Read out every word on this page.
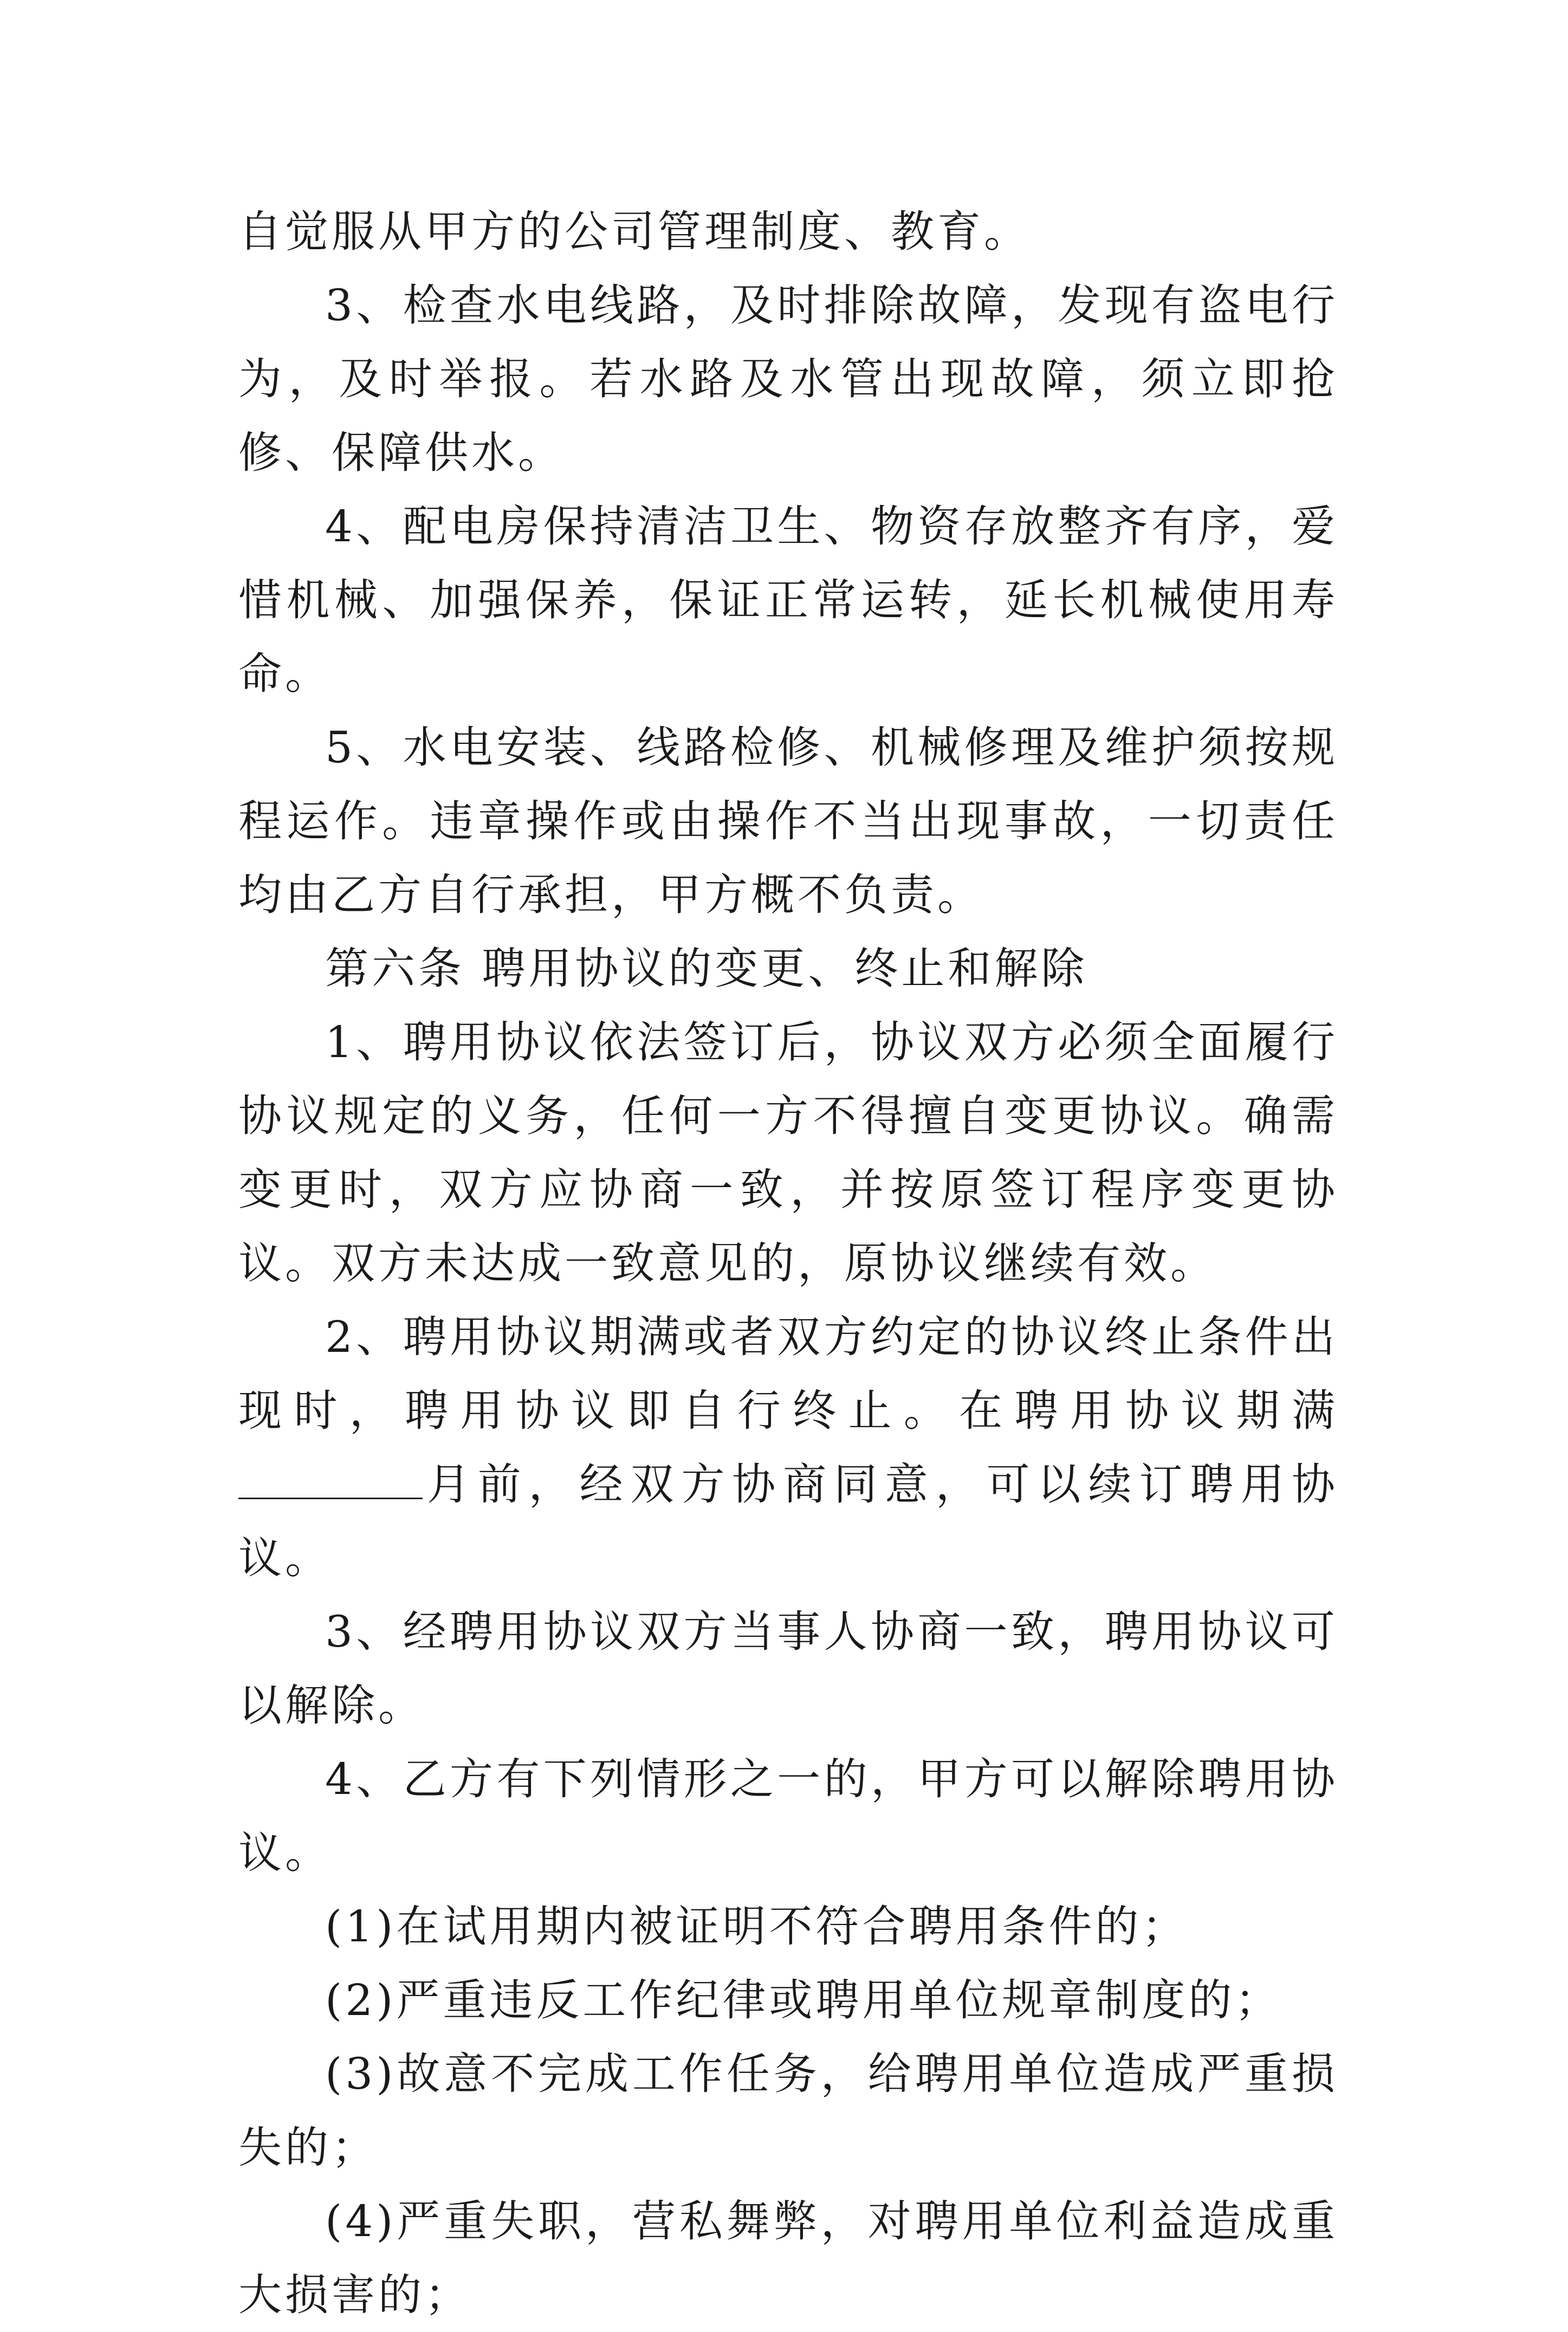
自觉服从甲方的公司管理制度、教育。

3、检查水电线路，及时排除故障，发现有盗电行为，及时举报。若水路及水管出现故障，须立即抢修、保障供水。

4、配电房保持清洁卫生、物资存放整齐有序，爱惜机械、加强保养，保证正常运转，延长机械使用寿命。

5、水电安装、线路检修、机械修理及维护须按规程运作。违章操作或由操作不当出现事故，一切责任均由乙方自行承担，甲方概不负责。

第六条 聘用协议的变更、终止和解除

1、聘用协议依法签订后，协议双方必须全面履行协议规定的义务，任何一方不得擅自变更协议。确需变更时，双方应协商一致，并按原签订程序变更协议。双方未达成一致意见的，原协议继续有效。

2、聘用协议期满或者双方约定的协议终止条件出现时，聘用协议即自行终止。在聘用协议期满月前，经双方协商同意，可以续订聘用协议。

3、经聘用协议双方当事人协商一致，聘用协议可以解除。

4、乙方有下列情形之一的，甲方可以解除聘用协议。

(1)在试用期内被证明不符合聘用条件的；

(2)严重违反工作纪律或聘用单位规章制度的；

(3)故意不完成工作任务，给聘用单位造成严重损失的；

(4)严重失职，营私舞弊，对聘用单位利益造成重大损害的；
